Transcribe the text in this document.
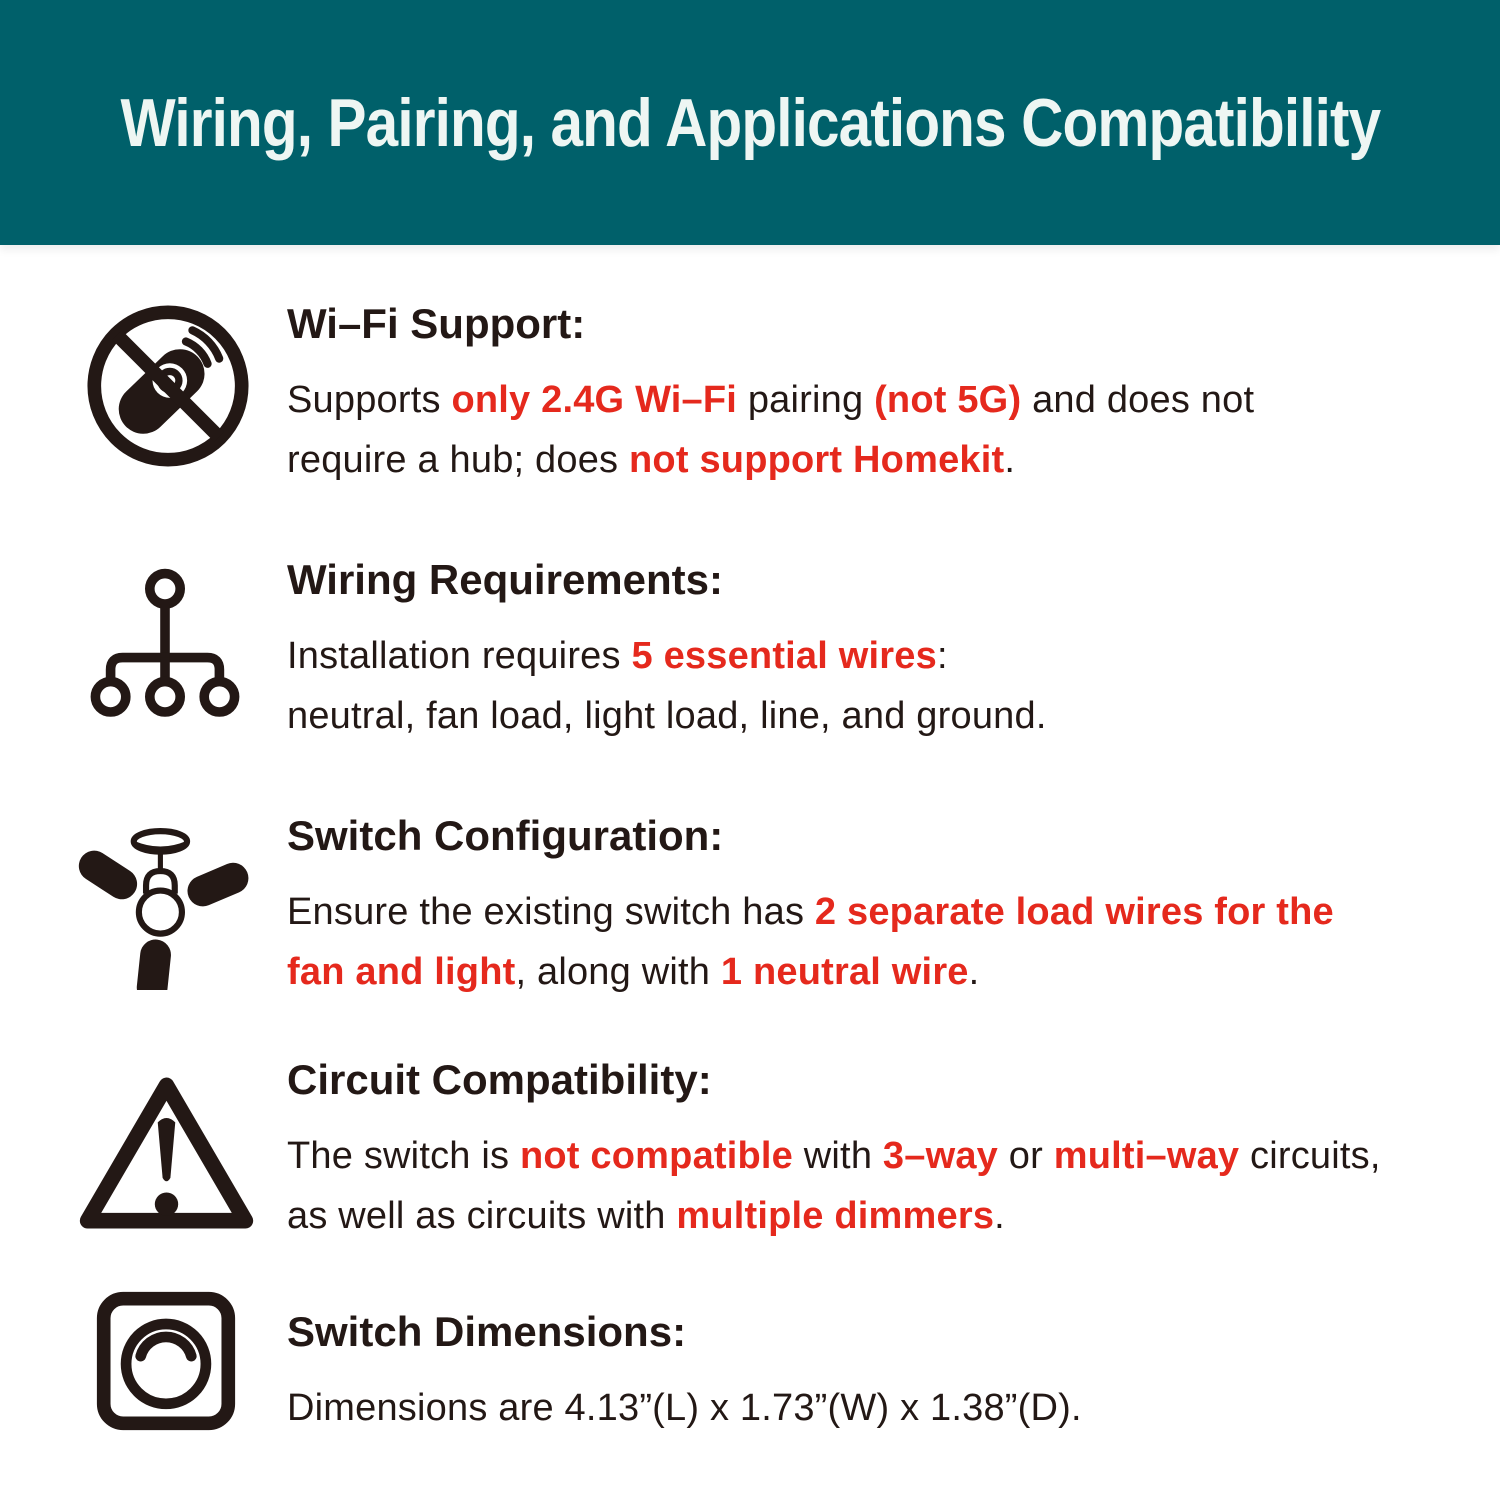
Wiring, Pairing, and Applications Compatibility
Wi–Fi Support:

Supports only 2.4G Wi–Fi pairing (not 5G) and does not
require a hub; does not support Homekit.

Wiring Requirements:

Installation requires 5 essential wires:
neutral, fan load, light load, line, and ground.

Switch Configuration:

Ensure the existing switch has 2 separate load wires for the
fan and light, along with 1 neutral wire.

Circuit Compatibility:

The switch is not compatible with 3–way or multi–way circuits,
as well as circuits with multiple dimmers.

Switch Dimensions:

Dimensions are 4.13”(L) x 1.73”(W) x 1.38”(D).
